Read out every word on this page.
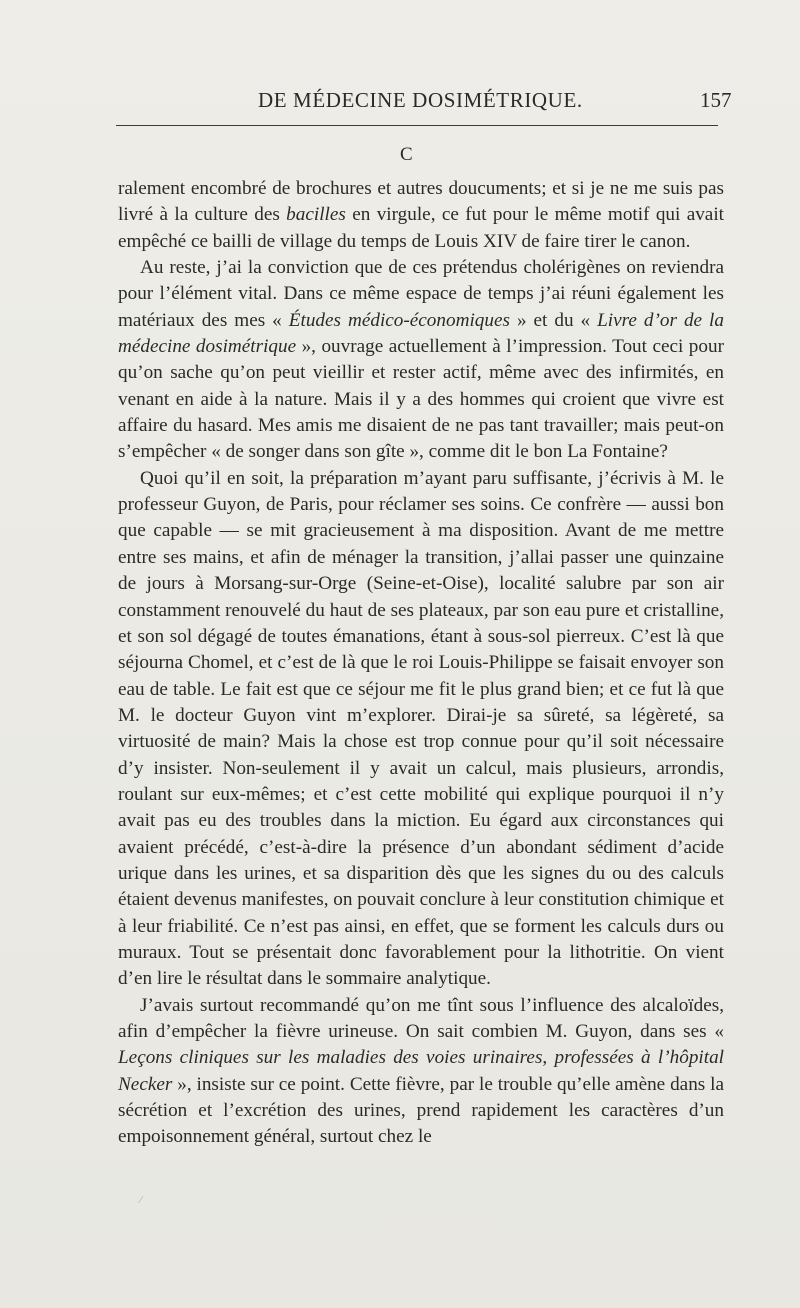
DE MÉDECINE DOSIMÉTRIQUE.	157
C

ralement encombré de brochures et autres doucuments; et si je ne me suis pas livré à la culture des bacilles en virgule, ce fut pour le même motif qui avait empêché ce bailli de village du temps de Louis XIV de faire tirer le canon.

Au reste, j’ai la conviction que de ces prétendus cholérigènes on reviendra pour l’élément vital. Dans ce même espace de temps j’ai réuni également les matériaux des mes « Études médico-économiques » et du « Livre d’or de la médecine dosimétrique », ouvrage actuellement à l’impression. Tout ceci pour qu’on sache qu’on peut vieillir et rester actif, même avec des infirmités, en venant en aide à la nature. Mais il y a des hommes qui croient que vivre est affaire du hasard. Mes amis me disaient de ne pas tant travailler; mais peut-on s’empêcher « de songer dans son gîte », comme dit le bon La Fontaine?

Quoi qu’il en soit, la préparation m’ayant paru suffisante, j’écrivis à M. le professeur Guyon, de Paris, pour réclamer ses soins. Ce confrère — aussi bon que capable — se mit gracieusement à ma disposition. Avant de me mettre entre ses mains, et afin de ménager la transition, j’allai passer une quinzaine de jours à Morsang-sur-Orge (Seine-et-Oise), localité salubre par son air constamment renouvelé du haut de ses plateaux, par son eau pure et cristalline, et son sol dégagé de toutes émanations, étant à sous-sol pierreux. C’est là que séjourna Chomel, et c’est de là que le roi Louis-Philippe se faisait envoyer son eau de table. Le fait est que ce séjour me fit le plus grand bien; et ce fut là que M. le docteur Guyon vint m’explorer. Dirai-je sa sûreté, sa légèreté, sa virtuosité de main? Mais la chose est trop connue pour qu’il soit nécessaire d’y insister. Non-seulement il y avait un calcul, mais plusieurs, arrondis, roulant sur eux-mêmes; et c’est cette mobilité qui explique pourquoi il n’y avait pas eu des troubles dans la miction. Eu égard aux circonstances qui avaient précédé, c’est-à-dire la présence d’un abondant sédiment d’acide urique dans les urines, et sa disparition dès que les signes du ou des calculs étaient devenus manifestes, on pouvait conclure à leur constitution chimique et à leur friabilité. Ce n’est pas ainsi, en effet, que se forment les calculs durs ou muraux. Tout se présentait donc favorablement pour la lithotritie. On vient d’en lire le résultat dans le sommaire analytique.

J’avais surtout recommandé qu’on me tînt sous l’influence des alcaloïdes, afin d’empêcher la fièvre urineuse. On sait combien M. Guyon, dans ses « Leçons cliniques sur les maladies des voies urinaires, professées à l’hôpital Necker », insiste sur ce point. Cette fièvre, par le trouble qu’elle amène dans la sécrétion et l’excrétion des urines, prend rapidement les caractères d’un empoisonnement général, surtout chez le

⁄
